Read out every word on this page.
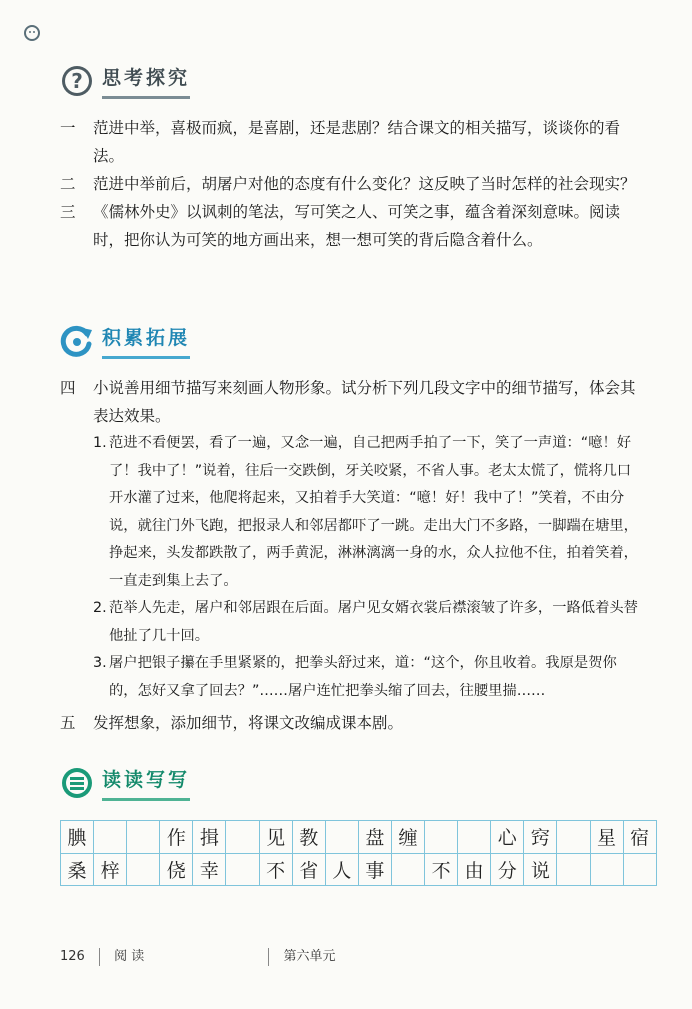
? 思考探究
一	范进中举，喜极而疯，是喜剧，还是悲剧？结合课文的相关描写，谈谈你的看法。
二	范进中举前后，胡屠户对他的态度有什么变化？这反映了当时怎样的社会现实？
三	《儒林外史》以讽刺的笔法，写可笑之人、可笑之事，蕴含着深刻意味。阅读时，把你认为可笑的地方画出来，想一想可笑的背后隐含着什么。
积累拓展
四	小说善用细节描写来刻画人物形象。试分析下列几段文字中的细节描写，体会其表达效果。
1. 范进不看便罢，看了一遍，又念一遍，自己把两手拍了一下，笑了一声道：“噫！好了！我中了！”说着，往后一交跌倒，牙关咬紧，不省人事。老太太慌了，慌将几口开水灌了过来，他爬将起来，又拍着手大笑道：“噫！好！我中了！”笑着，不由分说，就往门外飞跑，把报录人和邻居都吓了一跳。走出大门不多路，一脚踹在塘里，挣起来，头发都跌散了，两手黄泥，淋淋漓漓一身的水，众人拉他不住，拍着笑着，一直走到集上去了。
2. 范举人先走，屠户和邻居跟在后面。屠户见女婿衣裳后襟滚皱了许多，一路低着头替他扯了几十回。
3. 屠户把银子攥在手里紧紧的，把拳头舒过来，道：“这个，你且收着。我原是贺你的，怎好又拿了回去？”……屠户连忙把拳头缩了回去，往腰里揣……
五	发挥想象，添加细节，将课文改编成课本剧。
读读写写
腆			作	揖		见	教		盘	缠			心	窍		星	宿
桑	梓		侥	幸		不	省	人	事		不	由	分	说			
126 阅 读	第六单元
